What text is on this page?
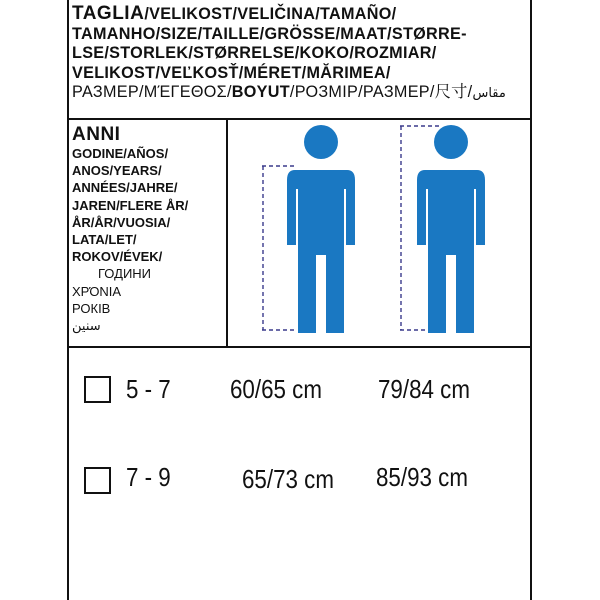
TAGLIA/VELIKOST/VELIČINA/TAMAÑO/
TAMANHO/SIZE/TAILLE/GRÖSSE/MAAT/STØRRE-
LSE/STORLEK/STØRRELSE/KOKO/ROZMIAR/
VELIKOST/VEĽKOSŤ/MÉRET/MĂRIMEA/
РАЗМЕР/ΜΈΓΕΘΟΣ/BOYUT/РОЗМІР/РАЗМЕР/尺寸/مقاس
ANNI
GODINE/AÑOS/
ANOS/YEARS/
ANNÉES/JAHRE/
JAREN/FLERE ÅR/
ÅR/ÅR/VUOSIA/
LATA/LET/
ROKOV/ÉVEK/
ГОДИНИ
ΧΡΌΝΙΑ
РОКІВ
سنين
5 - 7 60/65 cm 79/84 cm
7 - 9	65/73 cm 85/93 cm
